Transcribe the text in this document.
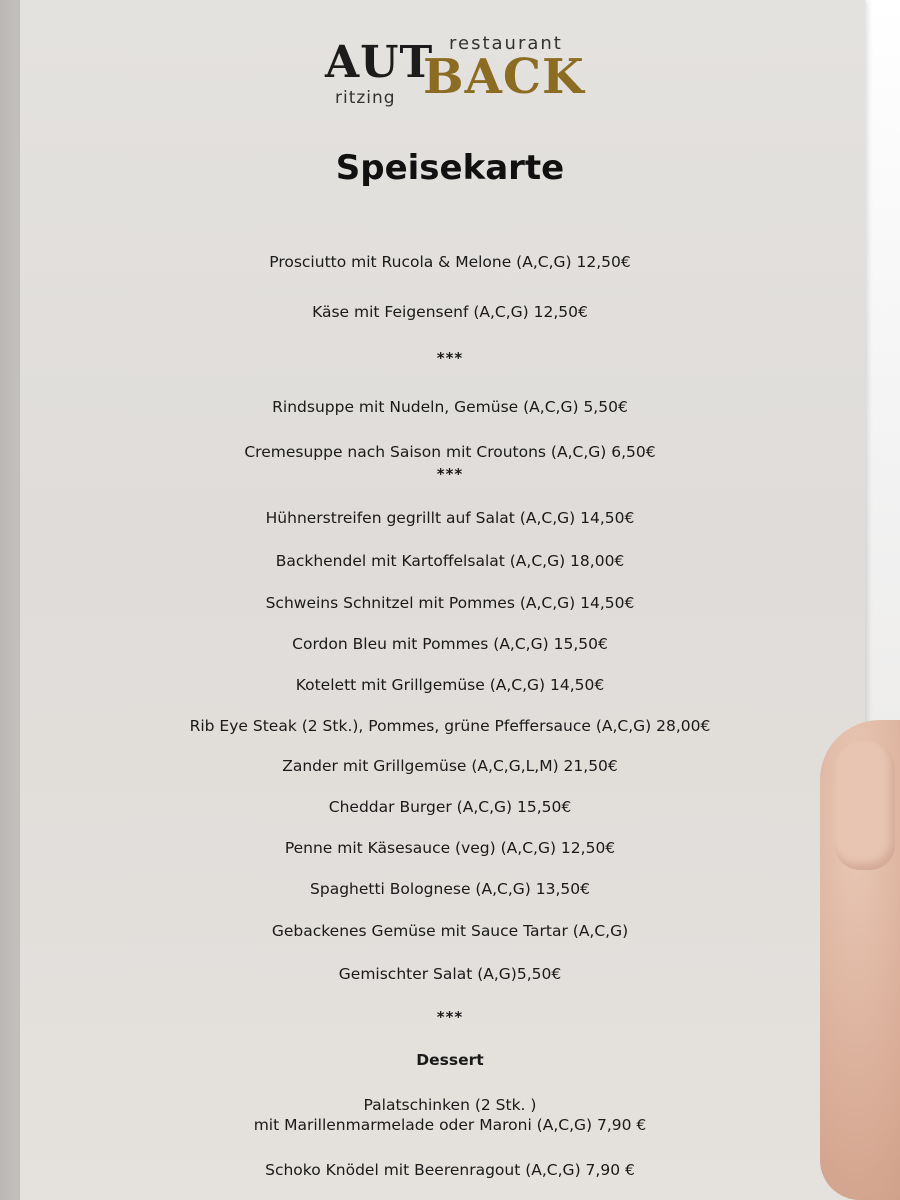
restaurant
AUT
BACK
ritzing
Speisekarte
Prosciutto mit Rucola & Melone (A,C,G) 12,50€
Käse mit Feigensenf (A,C,G) 12,50€
***
Rindsuppe mit Nudeln, Gemüse (A,C,G) 5,50€
Cremesuppe nach Saison mit Croutons (A,C,G) 6,50€
***
Hühnerstreifen gegrillt auf Salat (A,C,G) 14,50€
Backhendel mit Kartoffelsalat (A,C,G) 18,00€
Schweins Schnitzel mit Pommes (A,C,G) 14,50€
Cordon Bleu mit Pommes (A,C,G) 15,50€
Kotelett mit Grillgemüse (A,C,G) 14,50€
Rib Eye Steak (2 Stk.), Pommes, grüne Pfeffersauce (A,C,G) 28,00€
Zander mit Grillgemüse (A,C,G,L,M) 21,50€
Cheddar Burger (A,C,G) 15,50€
Penne mit Käsesauce (veg) (A,C,G) 12,50€
Spaghetti Bolognese (A,C,G) 13,50€
Gebackenes Gemüse mit Sauce Tartar (A,C,G)
Gemischter Salat (A,G)5,50€
***
Dessert
Palatschinken (2 Stk. )
mit Marillenmarmelade oder Maroni (A,C,G) 7,90 €
Schoko Knödel mit Beerenragout (A,C,G) 7,90 €
